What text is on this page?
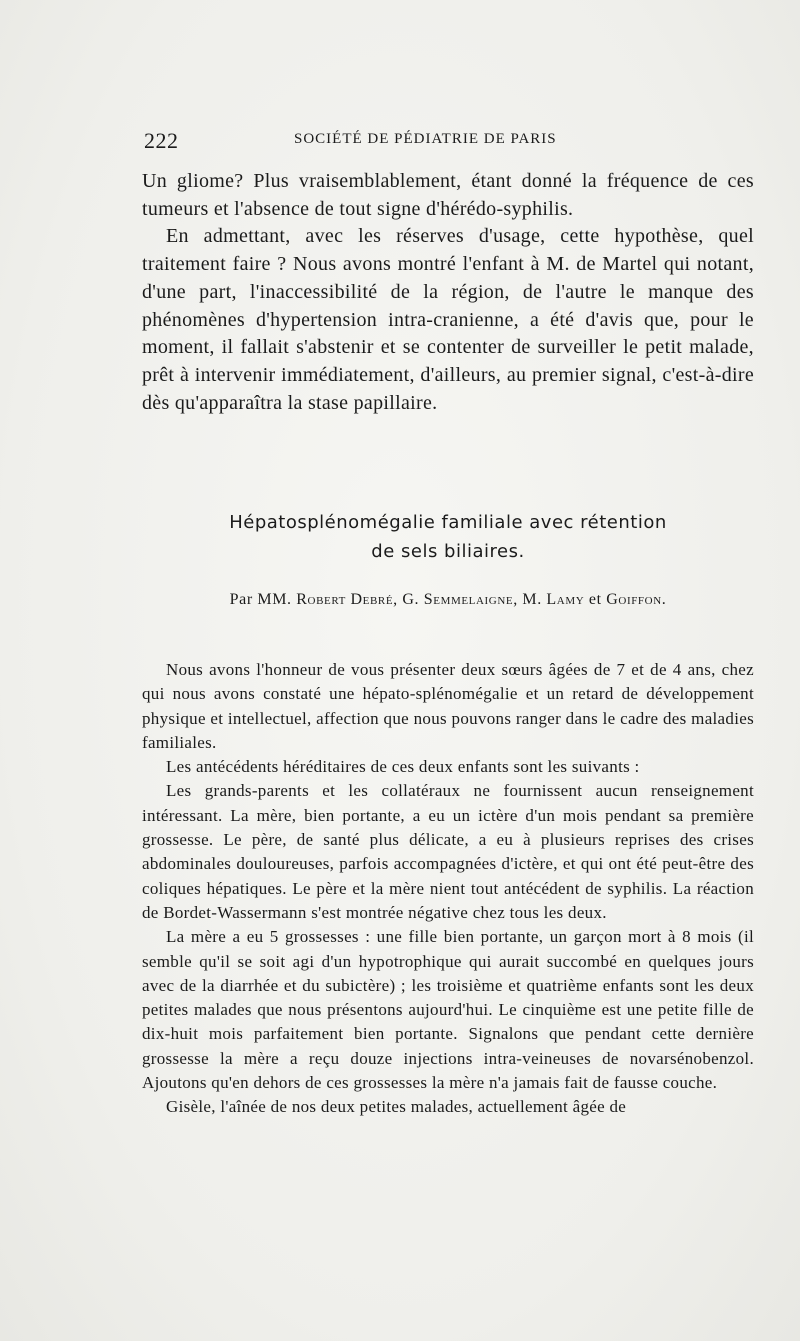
222	SOCIÉTÉ DE PÉDIATRIE DE PARIS

Un gliome? Plus vraisemblablement, étant donné la fréquence de ces tumeurs et l'absence de tout signe d'hérédo-syphilis.

En admettant, avec les réserves d'usage, cette hypothèse, quel traitement faire ? Nous avons montré l'enfant à M. de Martel qui notant, d'une part, l'inaccessibilité de la région, de l'autre le manque des phénomènes d'hypertension intra-cranienne, a été d'avis que, pour le moment, il fallait s'abstenir et se contenter de surveiller le petit malade, prêt à intervenir immédiatement, d'ailleurs, au premier signal, c'est-à-dire dès qu'apparaîtra la stase papillaire.

Hépatosplénomégalie familiale avec rétention
de sels biliaires.
Par MM. Robert Debré, G. Semmelaigne, M. Lamy et Goiffon.

Nous avons l'honneur de vous présenter deux sœurs âgées de 7 et de 4 ans, chez qui nous avons constaté une hépato-splénomégalie et un retard de développement physique et intellectuel, affection que nous pouvons ranger dans le cadre des maladies familiales.

Les antécédents héréditaires de ces deux enfants sont les suivants :

Les grands-parents et les collatéraux ne fournissent aucun renseignement intéressant. La mère, bien portante, a eu un ictère d'un mois pendant sa première grossesse. Le père, de santé plus délicate, a eu à plusieurs reprises des crises abdominales douloureuses, parfois accompagnées d'ictère, et qui ont été peut-être des coliques hépatiques. Le père et la mère nient tout antécédent de syphilis. La réaction de Bordet-Wassermann s'est montrée négative chez tous les deux.

La mère a eu 5 grossesses : une fille bien portante, un garçon mort à 8 mois (il semble qu'il se soit agi d'un hypotrophique qui aurait succombé en quelques jours avec de la diarrhée et du subictère) ; les troisième et quatrième enfants sont les deux petites malades que nous présentons aujourd'hui. Le cinquième est une petite fille de dix-huit mois parfaitement bien portante. Signalons que pendant cette dernière grossesse la mère a reçu douze injections intra-veineuses de novarsénobenzol. Ajoutons qu'en dehors de ces grossesses la mère n'a jamais fait de fausse couche.

Gisèle, l'aînée de nos deux petites malades, actuellement âgée de
